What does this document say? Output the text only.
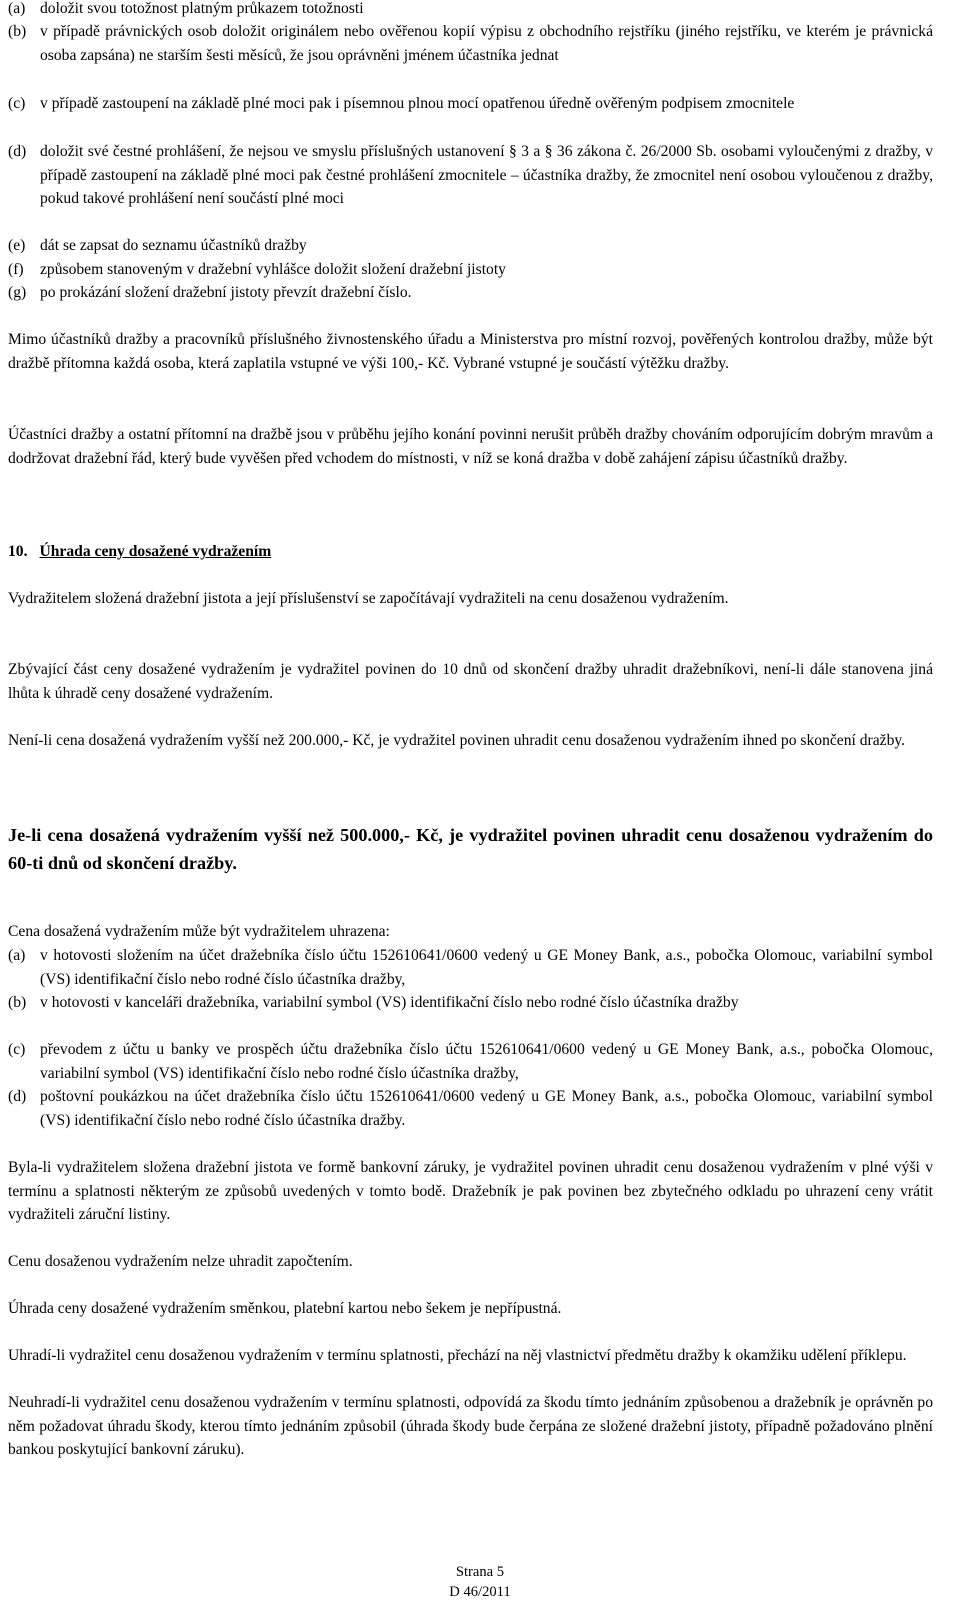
(a) doložit svou totožnost platným průkazem totožnosti
(b) v případě právnických osob doložit originálem nebo ověřenou kopií výpisu z obchodního rejstříku (jiného rejstříku, ve kterém je právnická osoba zapsána) ne starším šesti měsíců, že jsou oprávněni jménem účastníka jednat
(c) v případě zastoupení na základě plné moci pak i písemnou plnou mocí opatřenou úředně ověřeným podpisem zmocnitele
(d) doložit své čestné prohlášení, že nejsou ve smyslu příslušných ustanovení § 3 a § 36 zákona č. 26/2000 Sb. osobami vyloučenými z dražby, v případě zastoupení na základě plné moci pak čestné prohlášení zmocnitele – účastníka dražby, že zmocnitel není osobou vyloučenou z dražby, pokud takové prohlášení není součástí plné moci
(e) dát se zapsat do seznamu účastníků dražby
(f)	způsobem stanoveným v dražební vyhlášce doložit složení dražební jistoty
(g) po prokázání složení dražební jistoty převzít dražební číslo.
Mimo účastníků dražby a pracovníků příslušného živnostenského úřadu a Ministerstva pro místní rozvoj, pověřených kontrolou dražby, může být dražbě přítomna každá osoba, která zaplatila vstupné ve výši 100,- Kč. Vybrané vstupné je součástí výtěžku dražby.
Účastníci dražby a ostatní přítomní na dražbě jsou v průběhu jejího konání povinni nerušit průběh dražby chováním odporujícím dobrým mravům a dodržovat dražební řád, který bude vyvěšen před vchodem do místnosti, v níž se koná dražba v době zahájení zápisu účastníků dražby.
10. Úhrada ceny dosažené vydražením
Vydražitelem složená dražební jistota a její příslušenství se započítávají vydražiteli na cenu dosaženou vydražením.
Zbývající část ceny dosažené vydražením je vydražitel povinen do 10 dnů od skončení dražby uhradit dražebníkovi, není-li dále stanovena jiná lhůta k úhradě ceny dosažené vydražením.
Není-li cena dosažená vydražením vyšší než 200.000,- Kč, je vydražitel povinen uhradit cenu dosaženou vydražením ihned po skončení dražby.
Je-li cena dosažená vydražením vyšší než 500.000,- Kč, je vydražitel povinen uhradit cenu dosaženou vydražením do 60-ti dnů od skončení dražby.
Cena dosažená vydražením může být vydražitelem uhrazena:
(a) v hotovosti složením na účet dražebníka číslo účtu 152610641/0600 vedený u GE Money Bank, a.s., pobočka Olomouc, variabilní symbol (VS) identifikační číslo nebo rodné číslo účastníka dražby,
(b) v hotovosti v kanceláři dražebníka, variabilní symbol (VS) identifikační číslo nebo rodné číslo účastníka dražby
(c) převodem z účtu u banky ve prospěch účtu dražebníka číslo účtu 152610641/0600 vedený u GE Money Bank, a.s., pobočka Olomouc, variabilní symbol (VS) identifikační číslo nebo rodné číslo účastníka dražby,
(d) poštovní poukázkou na účet dražebníka číslo účtu 152610641/0600 vedený u GE Money Bank, a.s., pobočka Olomouc, variabilní symbol (VS) identifikační číslo nebo rodné číslo účastníka dražby.
Byla-li vydražitelem složena dražební jistota ve formě bankovní záruky, je vydražitel povinen uhradit cenu dosaženou vydražením v plné výši v termínu a splatnosti některým ze způsobů uvedených v tomto bodě. Dražebník je pak povinen bez zbytečného odkladu po uhrazení ceny vrátit vydražiteli záruční listiny.
Cenu dosaženou vydražením nelze uhradit započtením.
Úhrada ceny dosažené vydražením směnkou, platební kartou nebo šekem je nepřípustná.
Uhradí-li vydražitel cenu dosaženou vydražením v termínu splatnosti, přechází na něj vlastnictví předmětu dražby k okamžiku udělení příklepu.
Neuhradí-li vydražitel cenu dosaženou vydražením v termínu splatnosti, odpovídá za škodu tímto jednáním způsobenou a dražebník je oprávněn po něm požadovat úhradu škody, kterou tímto jednáním způsobil (úhrada škody bude čerpána ze složené dražební jistoty, případně požadováno plnění bankou poskytující bankovní záruku).
Strana 5
D 46/2011
